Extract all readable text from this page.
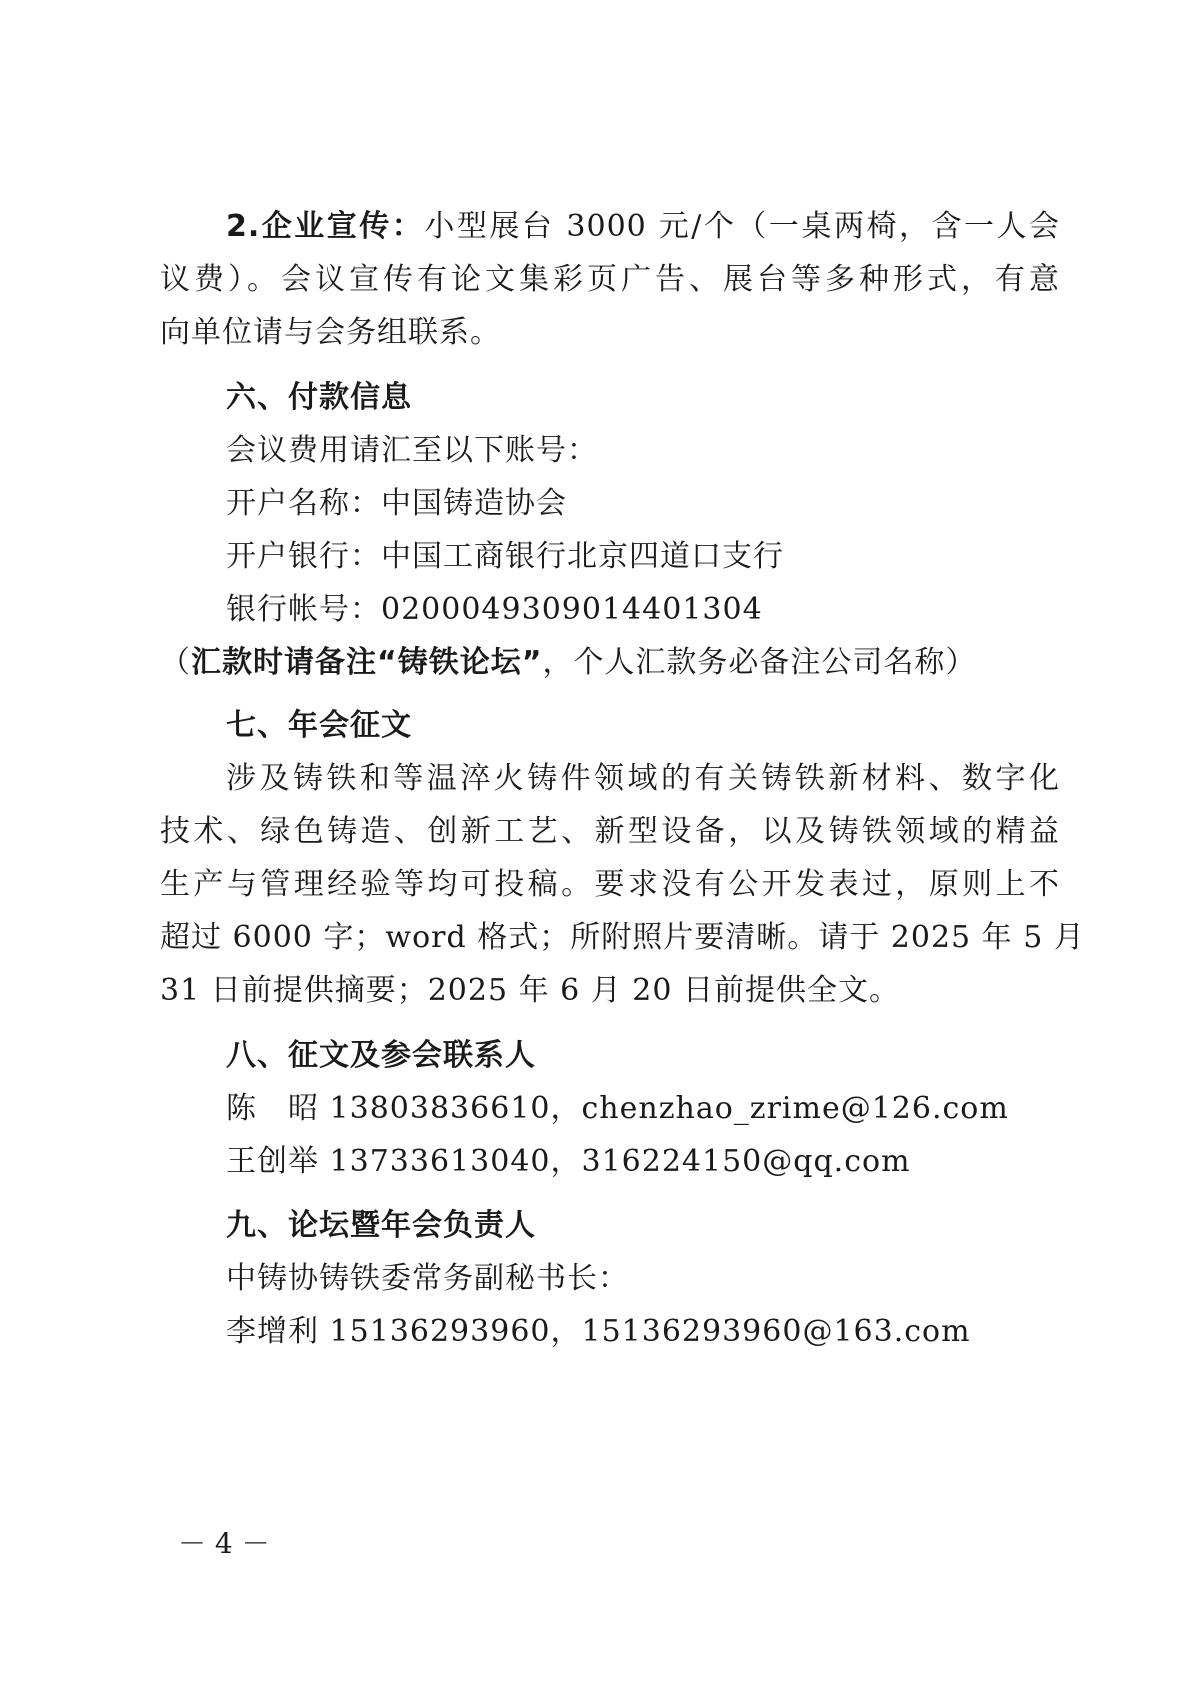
2.企业宣传：小型展台 3000 元/个（一桌两椅，含一人会
议费）。会议宣传有论文集彩页广告、展台等多种形式，有意
向单位请与会务组联系。
六、付款信息
会议费用请汇至以下账号：
开户名称：中国铸造协会
开户银行：中国工商银行北京四道口支行
银行帐号：0200049309014401304
（汇款时请备注“铸铁论坛”，个人汇款务必备注公司名称）
七、年会征文
涉及铸铁和等温淬火铸件领域的有关铸铁新材料、数字化
技术、绿色铸造、创新工艺、新型设备，以及铸铁领域的精益
生产与管理经验等均可投稿。要求没有公开发表过，原则上不
超过 6000 字；word 格式；所附照片要清晰。请于 2025 年 5 月
31 日前提供摘要；2025 年 6 月 20 日前提供全文。
八、征文及参会联系人
陈　昭 13803836610，chenzhao_zrime@126.com
王创举 13733613040，316224150@qq.com
九、论坛暨年会负责人
中铸协铸铁委常务副秘书长：
李增利 15136293960，15136293960@163.com
－ 4 －
